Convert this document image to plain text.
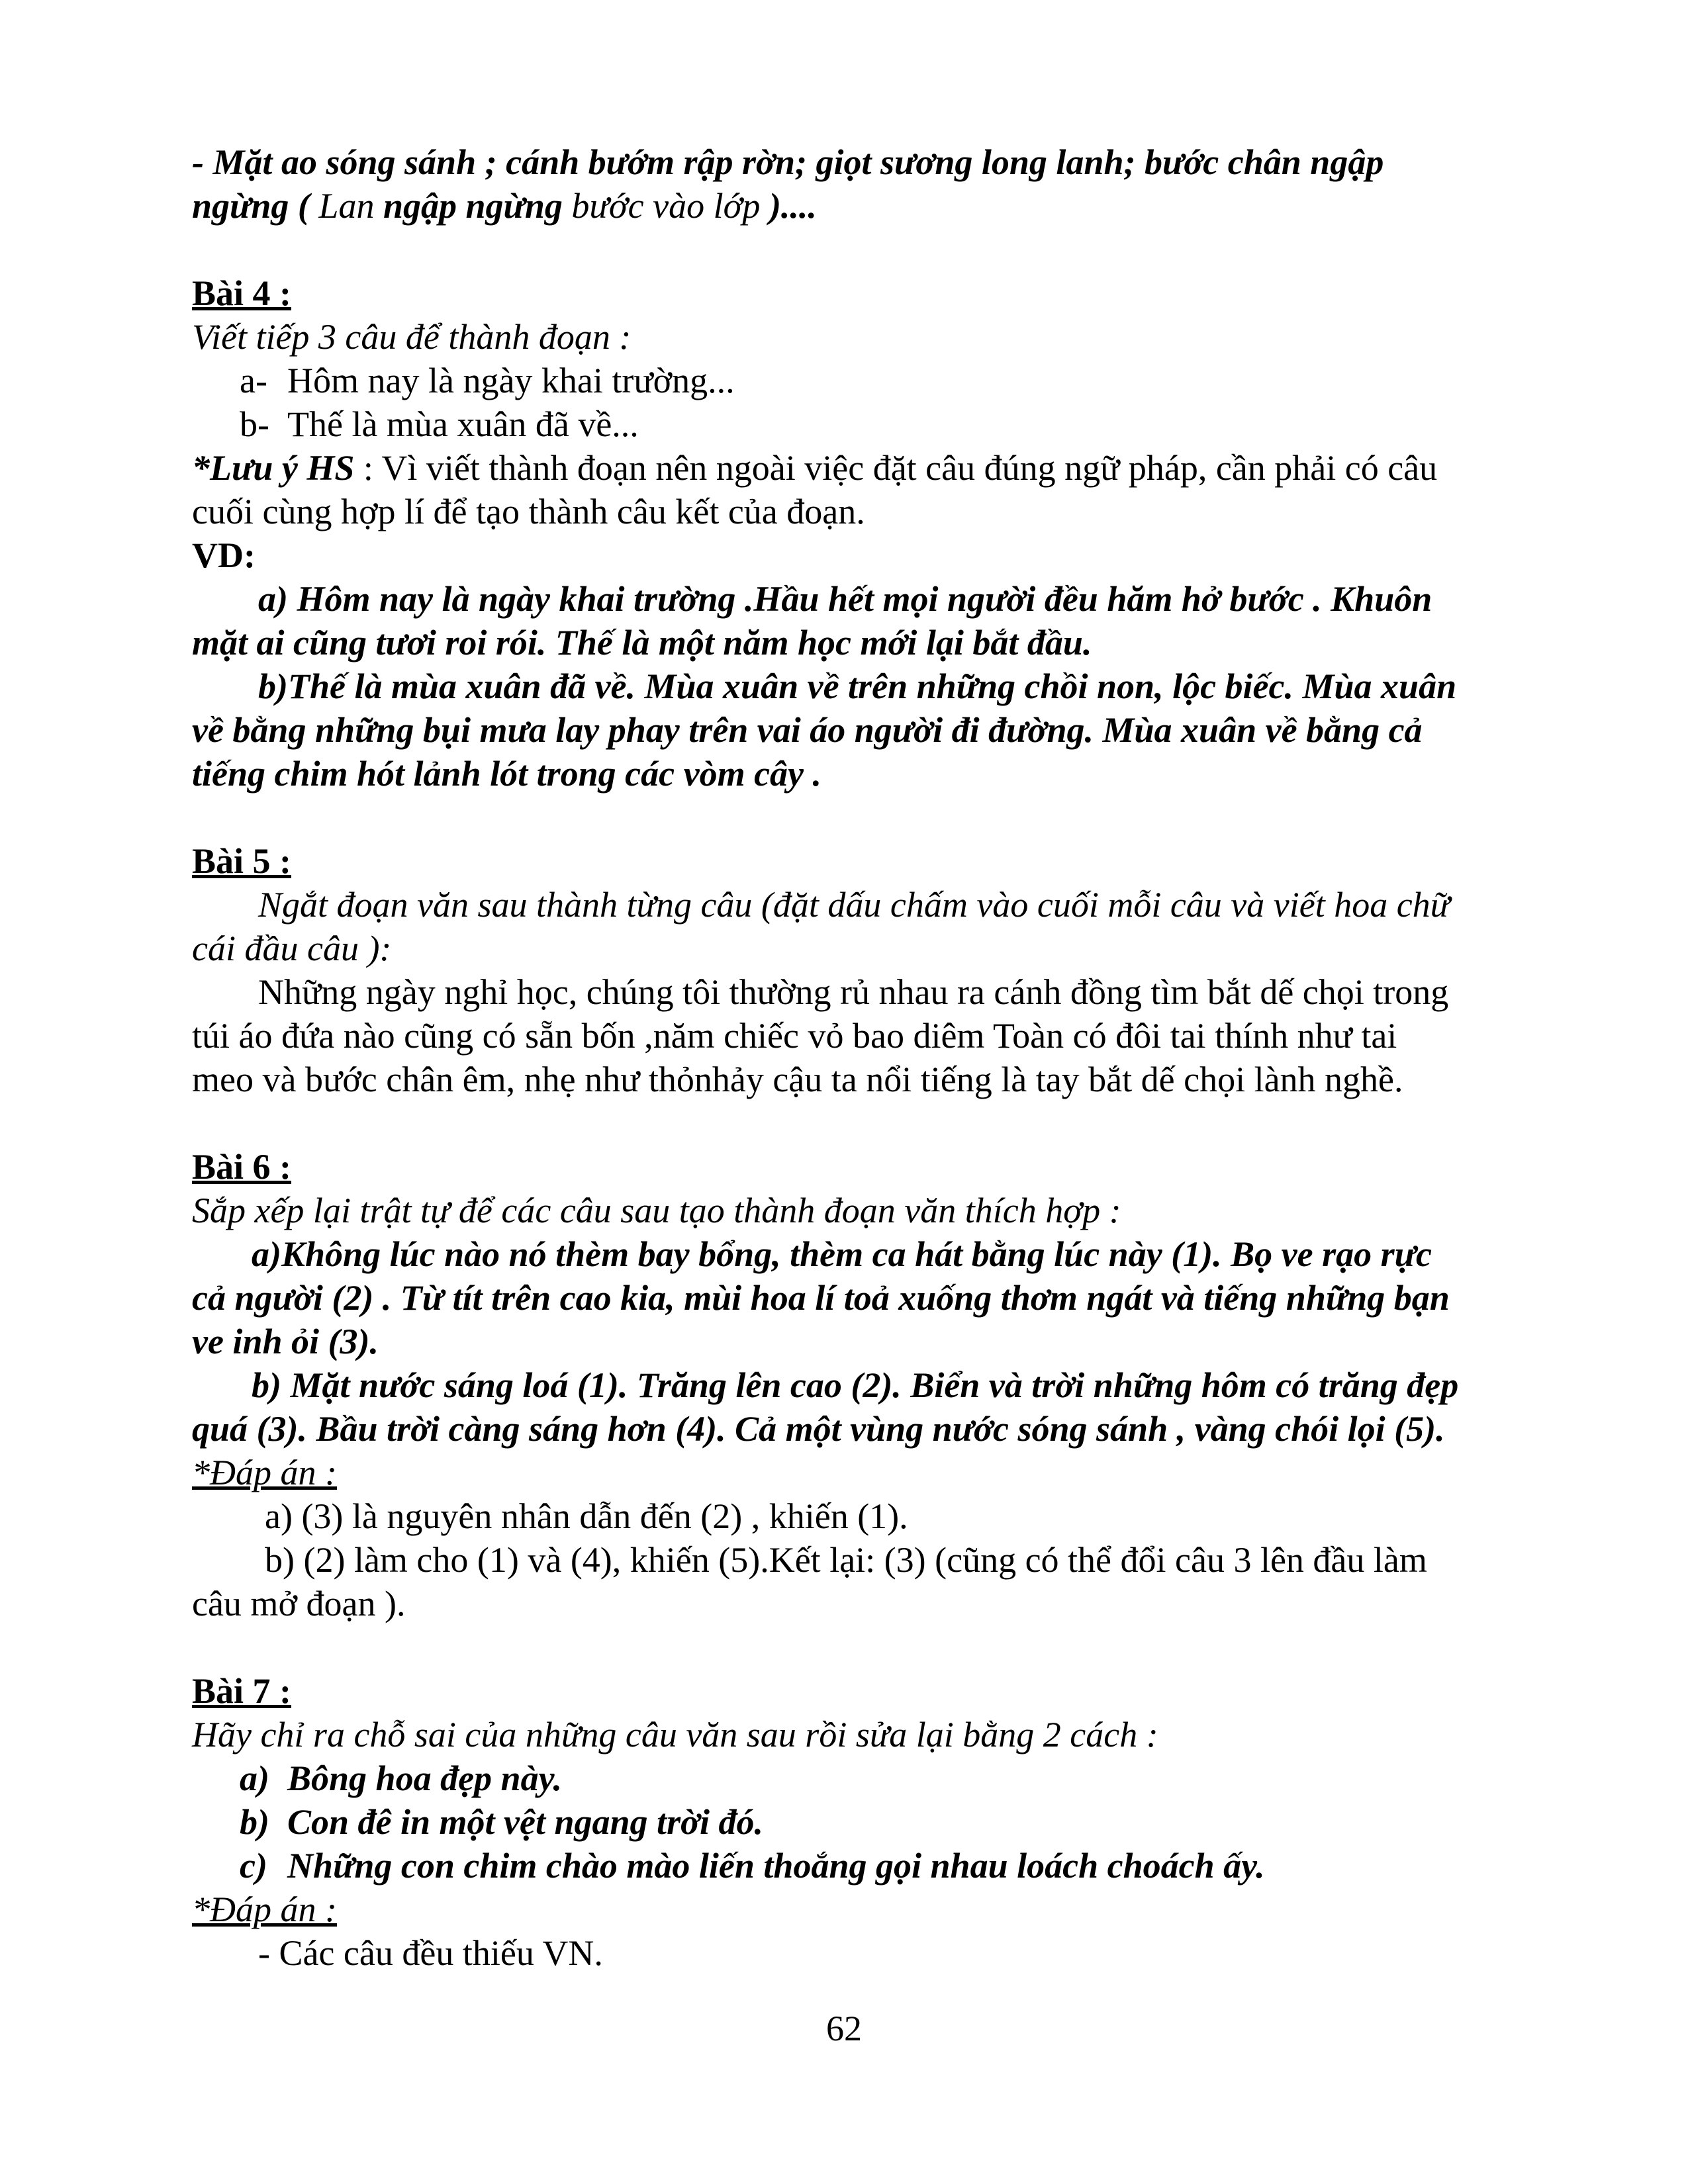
- Mặt ao sóng sánh ; cánh bướm rập rờn; giọt sương long lanh; bước chân ngập

ngừng ( Lan ngập ngừng bước vào lớp )....

Bài 4 :

Viết tiếp 3 câu để thành đoạn :

a- Hôm nay là ngày khai trường...

b- Thế là mùa xuân đã về...

*Lưu ý HS : Vì viết thành đoạn nên ngoài việc đặt câu đúng ngữ pháp, cần phải có câu

cuối cùng hợp lí để tạo thành câu kết của đoạn.

VD:

a) Hôm nay là ngày khai trường .Hầu hết mọi người đều hăm hở bước . Khuôn

mặt ai cũng tươi roi rói. Thế là một năm học mới lại bắt đầu.

b)Thế là mùa xuân đã về. Mùa xuân về trên những chồi non, lộc biếc. Mùa xuân

về bằng những bụi mưa lay phay trên vai áo người đi đường. Mùa xuân về bằng cả

tiếng chim hót lảnh lót trong các vòm cây .

Bài 5 :

Ngắt đoạn văn sau thành từng câu (đặt dấu chấm vào cuối mỗi câu và viết hoa chữ

cái đầu câu ):

Những ngày nghỉ học, chúng tôi thường rủ nhau ra cánh đồng tìm bắt dế chọi trong

túi áo đứa nào cũng có sẵn bốn ,năm chiếc vỏ bao diêm Toàn có đôi tai thính như tai

meo và bước chân êm, nhẹ như thỏnhảy cậu ta nổi tiếng là tay bắt dế chọi lành nghề.

Bài 6 :

Sắp xếp lại trật tự để các câu sau tạo thành đoạn văn thích hợp :

a)Không lúc nào nó thèm bay bổng, thèm ca hát bằng lúc này (1). Bọ ve rạo rực

cả người (2) . Từ tít trên cao kia, mùi hoa lí toả xuống thơm ngát và tiếng những bạn

ve inh ỏi (3).

b) Mặt nước sáng loá (1). Trăng lên cao (2). Biển và trời những hôm có trăng đẹp

quá (3). Bầu trời càng sáng hơn (4). Cả một vùng nước sóng sánh , vàng chói lọi (5).

*Đáp án :

a) (3) là nguyên nhân dẫn đến (2) , khiến (1).

b) (2) làm cho (1) và (4), khiến (5).Kết lại: (3) (cũng có thể đổi câu 3 lên đầu làm

câu mở đoạn ).

Bài 7 :

Hãy chỉ ra chỗ sai của những câu văn sau rồi sửa lại bằng 2 cách :

a) Bông hoa đẹp này.

b) Con đê in một vệt ngang trời đó.

c) Những con chim chào mào liến thoắng gọi nhau loách choách ấy.

*Đáp án :

- Các câu đều thiếu VN.

62
